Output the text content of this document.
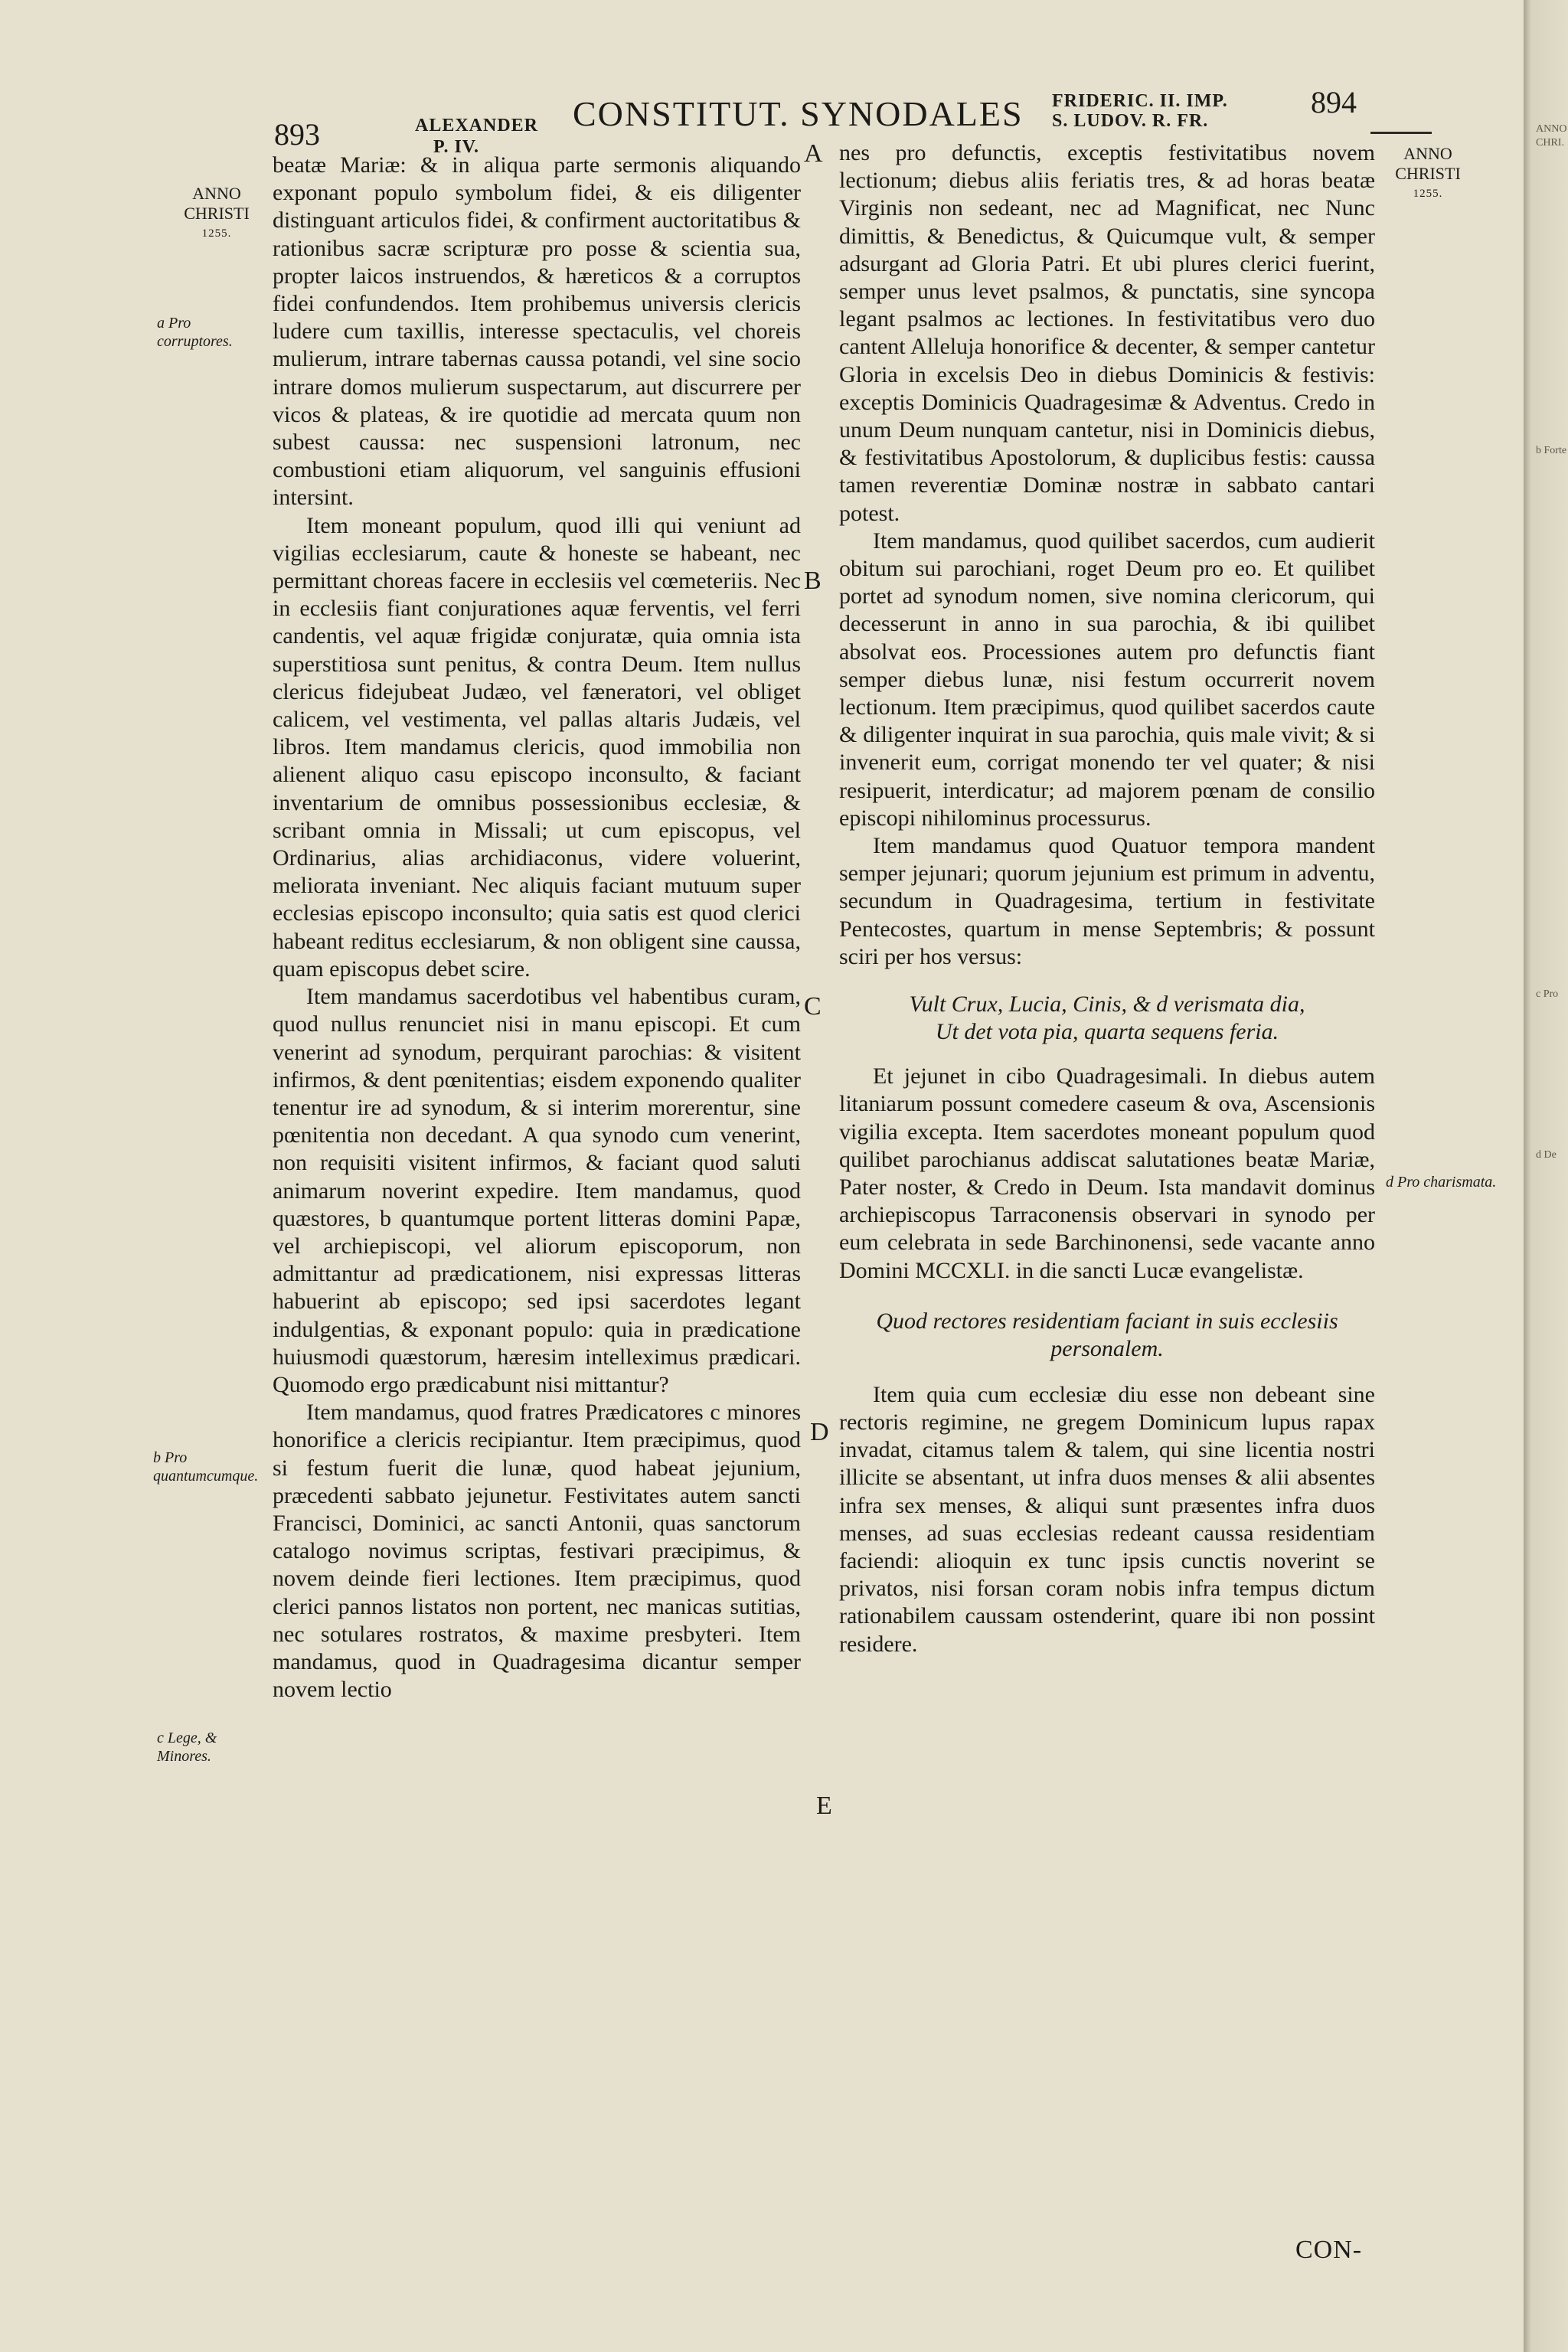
893	ALEXANDER
P. IV.
CONSTITUT. SYNODALES FRIDERIC. II. IMP.
S. LUDOV. R. FR.
894
ANNO
CHRISTI
1255.
ANNO
CHRISTI
1255.
a Pro corruptores.
b Pro quantumcumque.
c Lege, & Minores.
d Pro charismata.
A
B
C
D
E

beatæ Mariæ: & in aliqua parte sermonis aliquando exponant populo symbolum fidei, & eis diligenter distinguant articulos fidei, & confirment auctoritatibus & rationibus sacræ scripturæ pro posse & scientia sua, propter laicos instruendos, & hæreticos & a corruptos fidei confundendos. Item prohibemus universis clericis ludere cum taxillis, interesse spectaculis, vel choreis mulierum, intrare tabernas caussa potandi, vel sine socio intrare domos mulierum suspectarum, aut discurrere per vicos & plateas, & ire quotidie ad mercata quum non subest caussa: nec suspensioni latronum, nec combustioni etiam aliquorum, vel sanguinis effusioni intersint.

Item moneant populum, quod illi qui veniunt ad vigilias ecclesiarum, caute & honeste se habeant, nec permittant choreas facere in ecclesiis vel cœmeteriis. Nec in ecclesiis fiant conjurationes aquæ ferventis, vel ferri candentis, vel aquæ frigidæ conjuratæ, quia omnia ista superstitiosa sunt penitus, & contra Deum. Item nullus clericus fidejubeat Judæo, vel fæneratori, vel obliget calicem, vel vestimenta, vel pallas altaris Judæis, vel libros. Item mandamus clericis, quod immobilia non alienent aliquo casu episcopo inconsulto, & faciant inventarium de omnibus possessionibus ecclesiæ, & scribant omnia in Missali; ut cum episcopus, vel Ordinarius, alias archidiaconus, videre voluerint, meliorata inveniant. Nec aliquis faciant mutuum super ecclesias episcopo inconsulto; quia satis est quod clerici habeant reditus ecclesiarum, & non obligent sine caussa, quam episcopus debet scire.

Item mandamus sacerdotibus vel habentibus curam, quod nullus renunciet nisi in manu episcopi. Et cum venerint ad synodum, perquirant parochias: & visitent infirmos, & dent pœnitentias; eisdem exponendo qualiter tenentur ire ad synodum, & si interim morerentur, sine pœnitentia non decedant. A qua synodo cum venerint, non requisiti visitent infirmos, & faciant quod saluti animarum noverint expedire. Item mandamus, quod quæstores, b quantumque portent litteras domini Papæ, vel archiepiscopi, vel aliorum episcoporum, non admittantur ad prædicationem, nisi expressas litteras habuerint ab episcopo; sed ipsi sacerdotes legant indulgentias, & exponant populo: quia in prædicatione huiusmodi quæstorum, hæresim intelleximus prædicari. Quomodo ergo prædicabunt nisi mittantur?

Item mandamus, quod fratres Prædicatores c minores honorifice a clericis recipiantur. Item præcipimus, quod si festum fuerit die lunæ, quod habeat jejunium, præcedenti sabbato jejunetur. Festivitates autem sancti Francisci, Dominici, ac sancti Antonii, quas sanctorum catalogo novimus scriptas, festivari præcipimus, & novem deinde fieri lectiones. Item præcipimus, quod clerici pannos listatos non portent, nec manicas sutitias, nec sotulares rostratos, & maxime presbyteri. Item mandamus, quod in Quadragesima dicantur semper novem lectio

nes pro defunctis, exceptis festivitatibus novem lectionum; diebus aliis feriatis tres, & ad horas beatæ Virginis non sedeant, nec ad Magnificat, nec Nunc dimittis, & Benedictus, & Quicumque vult, & semper adsurgant ad Gloria Patri. Et ubi plures clerici fuerint, semper unus levet psalmos, & punctatis, sine syncopa legant psalmos ac lectiones. In festivitatibus vero duo cantent Alleluja honorifice & decenter, & semper cantetur Gloria in excelsis Deo in diebus Dominicis & festivis: exceptis Dominicis Quadragesimæ & Adventus. Credo in unum Deum nunquam cantetur, nisi in Dominicis diebus, & festivitatibus Apostolorum, & duplicibus festis: caussa tamen reverentiæ Dominæ nostræ in sabbato cantari potest.

Item mandamus, quod quilibet sacerdos, cum audierit obitum sui parochiani, roget Deum pro eo. Et quilibet portet ad synodum nomen, sive nomina clericorum, qui decesserunt in anno in sua parochia, & ibi quilibet absolvat eos. Processiones autem pro defunctis fiant semper diebus lunæ, nisi festum occurrerit novem lectionum. Item præcipimus, quod quilibet sacerdos caute & diligenter inquirat in sua parochia, quis male vivit; & si invenerit eum, corrigat monendo ter vel quater; & nisi resipuerit, interdicatur; ad majorem pœnam de consilio episcopi nihilominus processurus.

Item mandamus quod Quatuor tempora mandent semper jejunari; quorum jejunium est primum in adventu, secundum in Quadragesima, tertium in festivitate Pentecostes, quartum in mense Septembris; & possunt sciri per hos versus:

Vult Crux, Lucia, Cinis, & d verismata dia,
Ut det vota pia, quarta sequens feria.

Et jejunet in cibo Quadragesimali. In diebus autem litaniarum possunt comedere caseum & ova, Ascensionis vigilia excepta. Item sacerdotes moneant populum quod quilibet parochianus addiscat salutationes beatæ Mariæ, Pater noster, & Credo in Deum. Ista mandavit dominus archiepiscopus Tarraconensis observari in synodo per eum celebrata in sede Barchinonensi, sede vacante anno Domini MCCXLI. in die sancti Lucæ evangelistæ.

Quod rectores residentiam faciant in suis ecclesiis personalem.

Item quia cum ecclesiæ diu esse non debeant sine rectoris regimine, ne gregem Dominicum lupus rapax invadat, citamus talem & talem, qui sine licentia nostri illicite se absentant, ut infra duos menses & alii absentes infra sex menses, & aliqui sunt præsentes infra duos menses, ad suas ecclesias redeant caussa residentiam faciendi: alioquin ex tunc ipsis cunctis noverint se privatos, nisi forsan coram nobis infra tempus dictum rationabilem caussam ostenderint, quare ibi non possint residere.

CON-
ANNO CHRI.
b Forte
c Pro
d De
